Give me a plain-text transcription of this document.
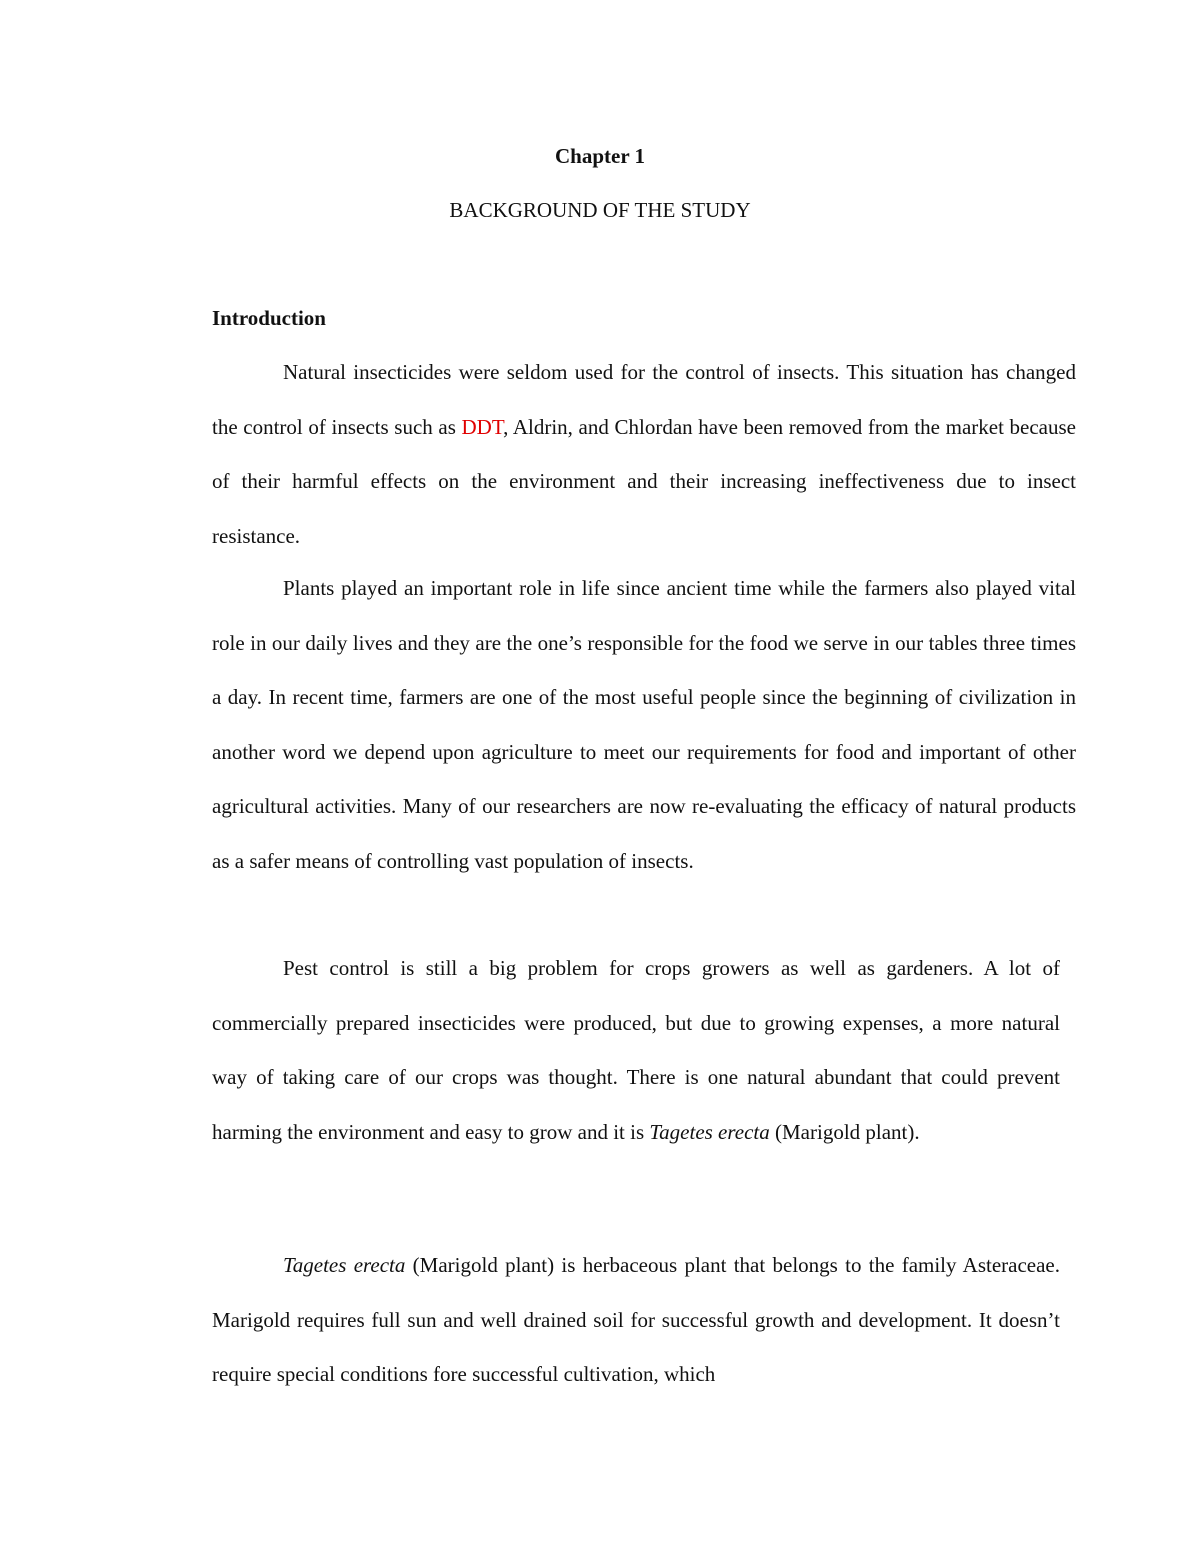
Chapter 1
BACKGROUND OF THE STUDY
Introduction

Natural insecticides were seldom used for the control of insects. This situation has changed the control of insects such as DDT, Aldrin, and Chlordan have been removed from the market because of their harmful effects on the environment and their increasing ineffectiveness due to insect resistance.

Plants played an important role in life since ancient time while the farmers also played vital role in our daily lives and they are the one’s responsible for the food we serve in our tables three times a day. In recent time, farmers are one of the most useful people since the beginning of civilization in another word we depend upon agriculture to meet our requirements for food and important of other agricultural activities. Many of our researchers are now re-evaluating the efficacy of natural products as a safer means of controlling vast population of insects.

Pest control is still a big problem for crops growers as well as gardeners. A lot of commercially prepared insecticides were produced, but due to growing expenses, a more natural way of taking care of our crops was thought. There is one natural abundant that could prevent harming the environment and easy to grow and it is Tagetes erecta (Marigold plant).

Tagetes erecta (Marigold plant) is herbaceous plant that belongs to the family Asteraceae. Marigold requires full sun and well drained soil for successful growth and development. It doesn’t require special conditions fore successful cultivation, which
